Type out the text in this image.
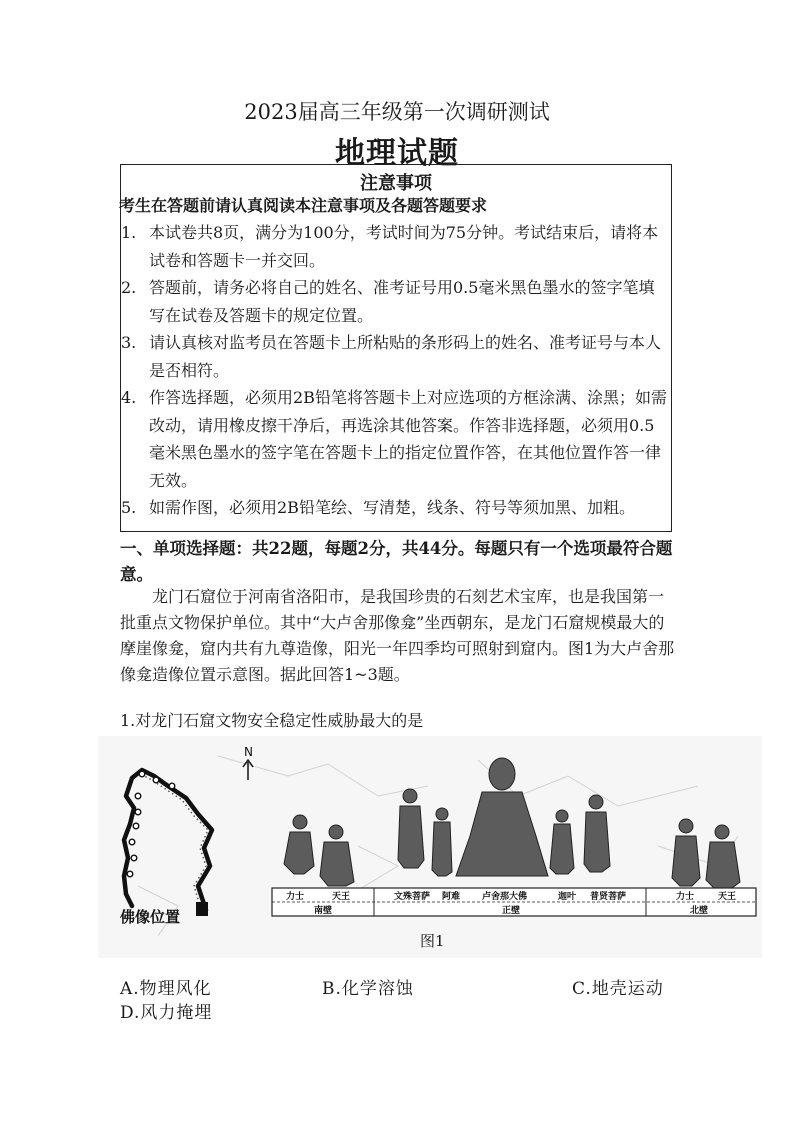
2023届高三年级第一次调研测试
地理试题
注意事项
考生在答题前请认真阅读本注意事项及各题答题要求
1. 本试卷共8页，满分为100分，考试时间为75分钟。考试结束后，请将本试卷和答题卡一并交回。
2. 答题前，请务必将自己的姓名、准考证号用0.5毫米黑色墨水的签字笔填写在试卷及答题卡的规定位置。
3. 请认真核对监考员在答题卡上所粘贴的条形码上的姓名、准考证号与本人是否相符。
4. 作答选择题，必须用2B铅笔将答题卡上对应选项的方框涂满、涂黑；如需改动，请用橡皮擦干净后，再选涂其他答案。作答非选择题，必须用0.5毫米黑色墨水的签字笔在答题卡上的指定位置作答，在其他位置作答一律无效。
5. 如需作图，必须用2B铅笔绘、写清楚，线条、符号等须加黑、加粗。
一、单项选择题：共22题，每题2分，共44分。每题只有一个选项最符合题意。
龙门石窟位于河南省洛阳市，是我国珍贵的石刻艺术宝库，也是我国第一批重点文物保护单位。其中“大卢舍那像龛”坐西朝东，是龙门石窟规模最大的摩崖像龛，窟内共有九尊造像，阳光一年四季均可照射到窟内。图1为大卢舍那像龛造像位置示意图。据此回答1~3题。
1.对龙门石窟文物安全稳定性威胁最大的是
佛像位置
N
力士	天王	文殊菩萨 阿难 卢舍那大佛	迦叶 普贤菩萨	力士	天王
南壁	正壁	北壁
图1
A.物理风化	B.化学溶蚀	C.地壳运动
D.风力掩埋
